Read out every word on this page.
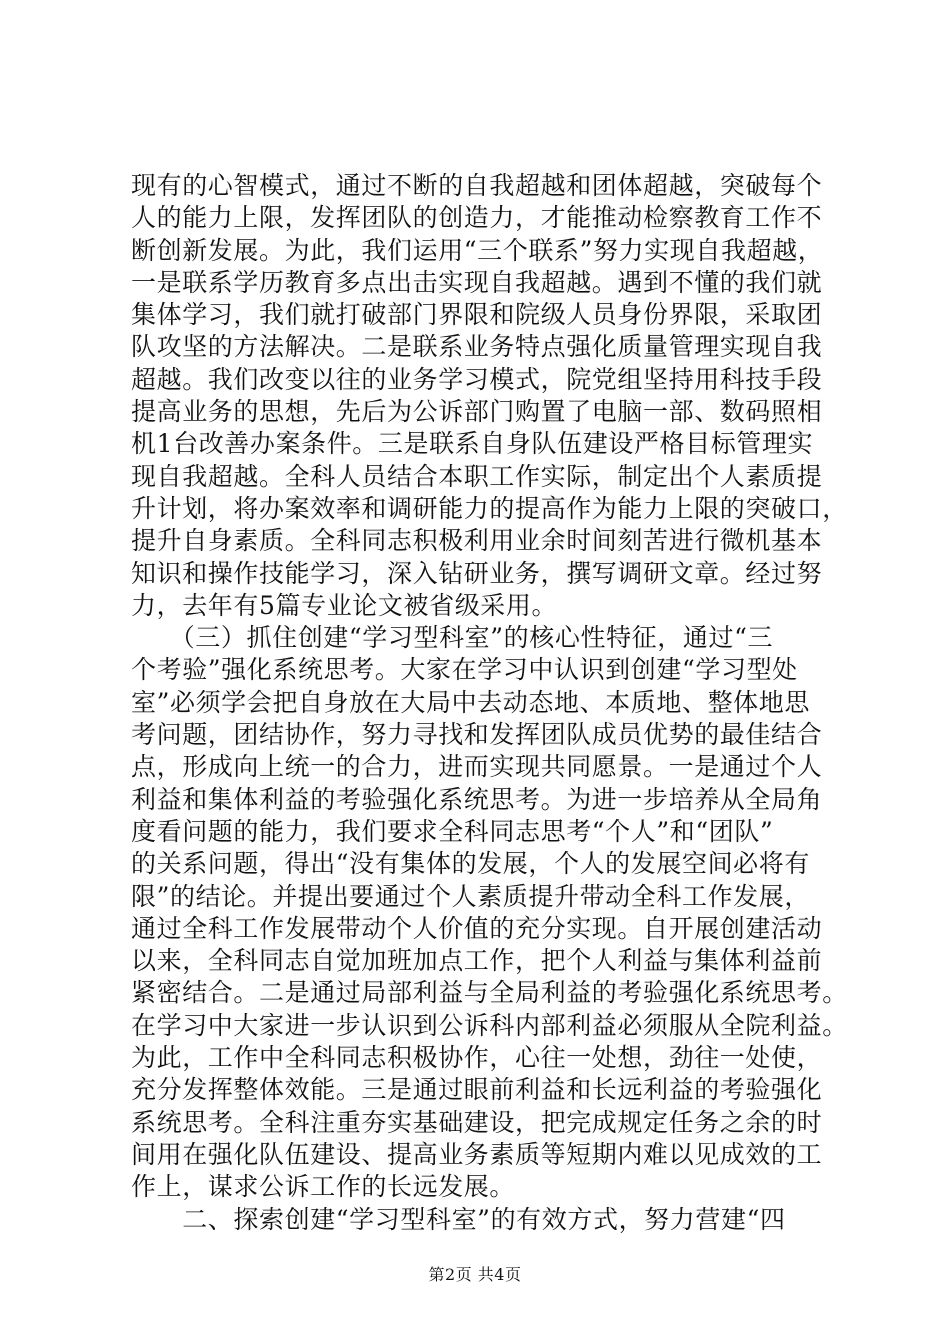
现有的心智模式，通过不断的自我超越和团体超越，突破每个
人的能力上限，发挥团队的创造力，才能推动检察教育工作不
断创新发展。为此，我们运用“三个联系”努力实现自我超越，
一是联系学历教育多点出击实现自我超越。遇到不懂的我们就
集体学习，我们就打破部门界限和院级人员身份界限，采取团
队攻坚的方法解决。二是联系业务特点强化质量管理实现自我
超越。我们改变以往的业务学习模式，院党组坚持用科技手段
提高业务的思想，先后为公诉部门购置了电脑一部、数码照相
机1台改善办案条件。三是联系自身队伍建设严格目标管理实
现自我超越。全科人员结合本职工作实际，制定出个人素质提
升计划，将办案效率和调研能力的提高作为能力上限的突破口，
提升自身素质。全科同志积极利用业余时间刻苦进行微机基本
知识和操作技能学习，深入钻研业务，撰写调研文章。经过努
力，去年有5篇专业论文被省级采用。
　　（三）抓住创建“学习型科室”的核心性特征，通过“三
个考验”强化系统思考。大家在学习中认识到创建“学习型处
室”必须学会把自身放在大局中去动态地、本质地、整体地思
考问题，团结协作，努力寻找和发挥团队成员优势的最佳结合
点，形成向上统一的合力，进而实现共同愿景。一是通过个人
利益和集体利益的考验强化系统思考。为进一步培养从全局角
度看问题的能力，我们要求全科同志思考“个人”和“团队”
的关系问题，得出“没有集体的发展，个人的发展空间必将有
限”的结论。并提出要通过个人素质提升带动全科工作发展，
通过全科工作发展带动个人价值的充分实现。自开展创建活动
以来，全科同志自觉加班加点工作，把个人利益与集体利益前
紧密结合。二是通过局部利益与全局利益的考验强化系统思考。
在学习中大家进一步认识到公诉科内部利益必须服从全院利益。
为此，工作中全科同志积极协作，心往一处想，劲往一处使，
充分发挥整体效能。三是通过眼前利益和长远利益的考验强化
系统思考。全科注重夯实基础建设，把完成规定任务之余的时
间用在强化队伍建设、提高业务素质等短期内难以见成效的工
作上，谋求公诉工作的长远发展。
　　二、探索创建“学习型科室”的有效方式，努力营建“四
第2页 共4页
